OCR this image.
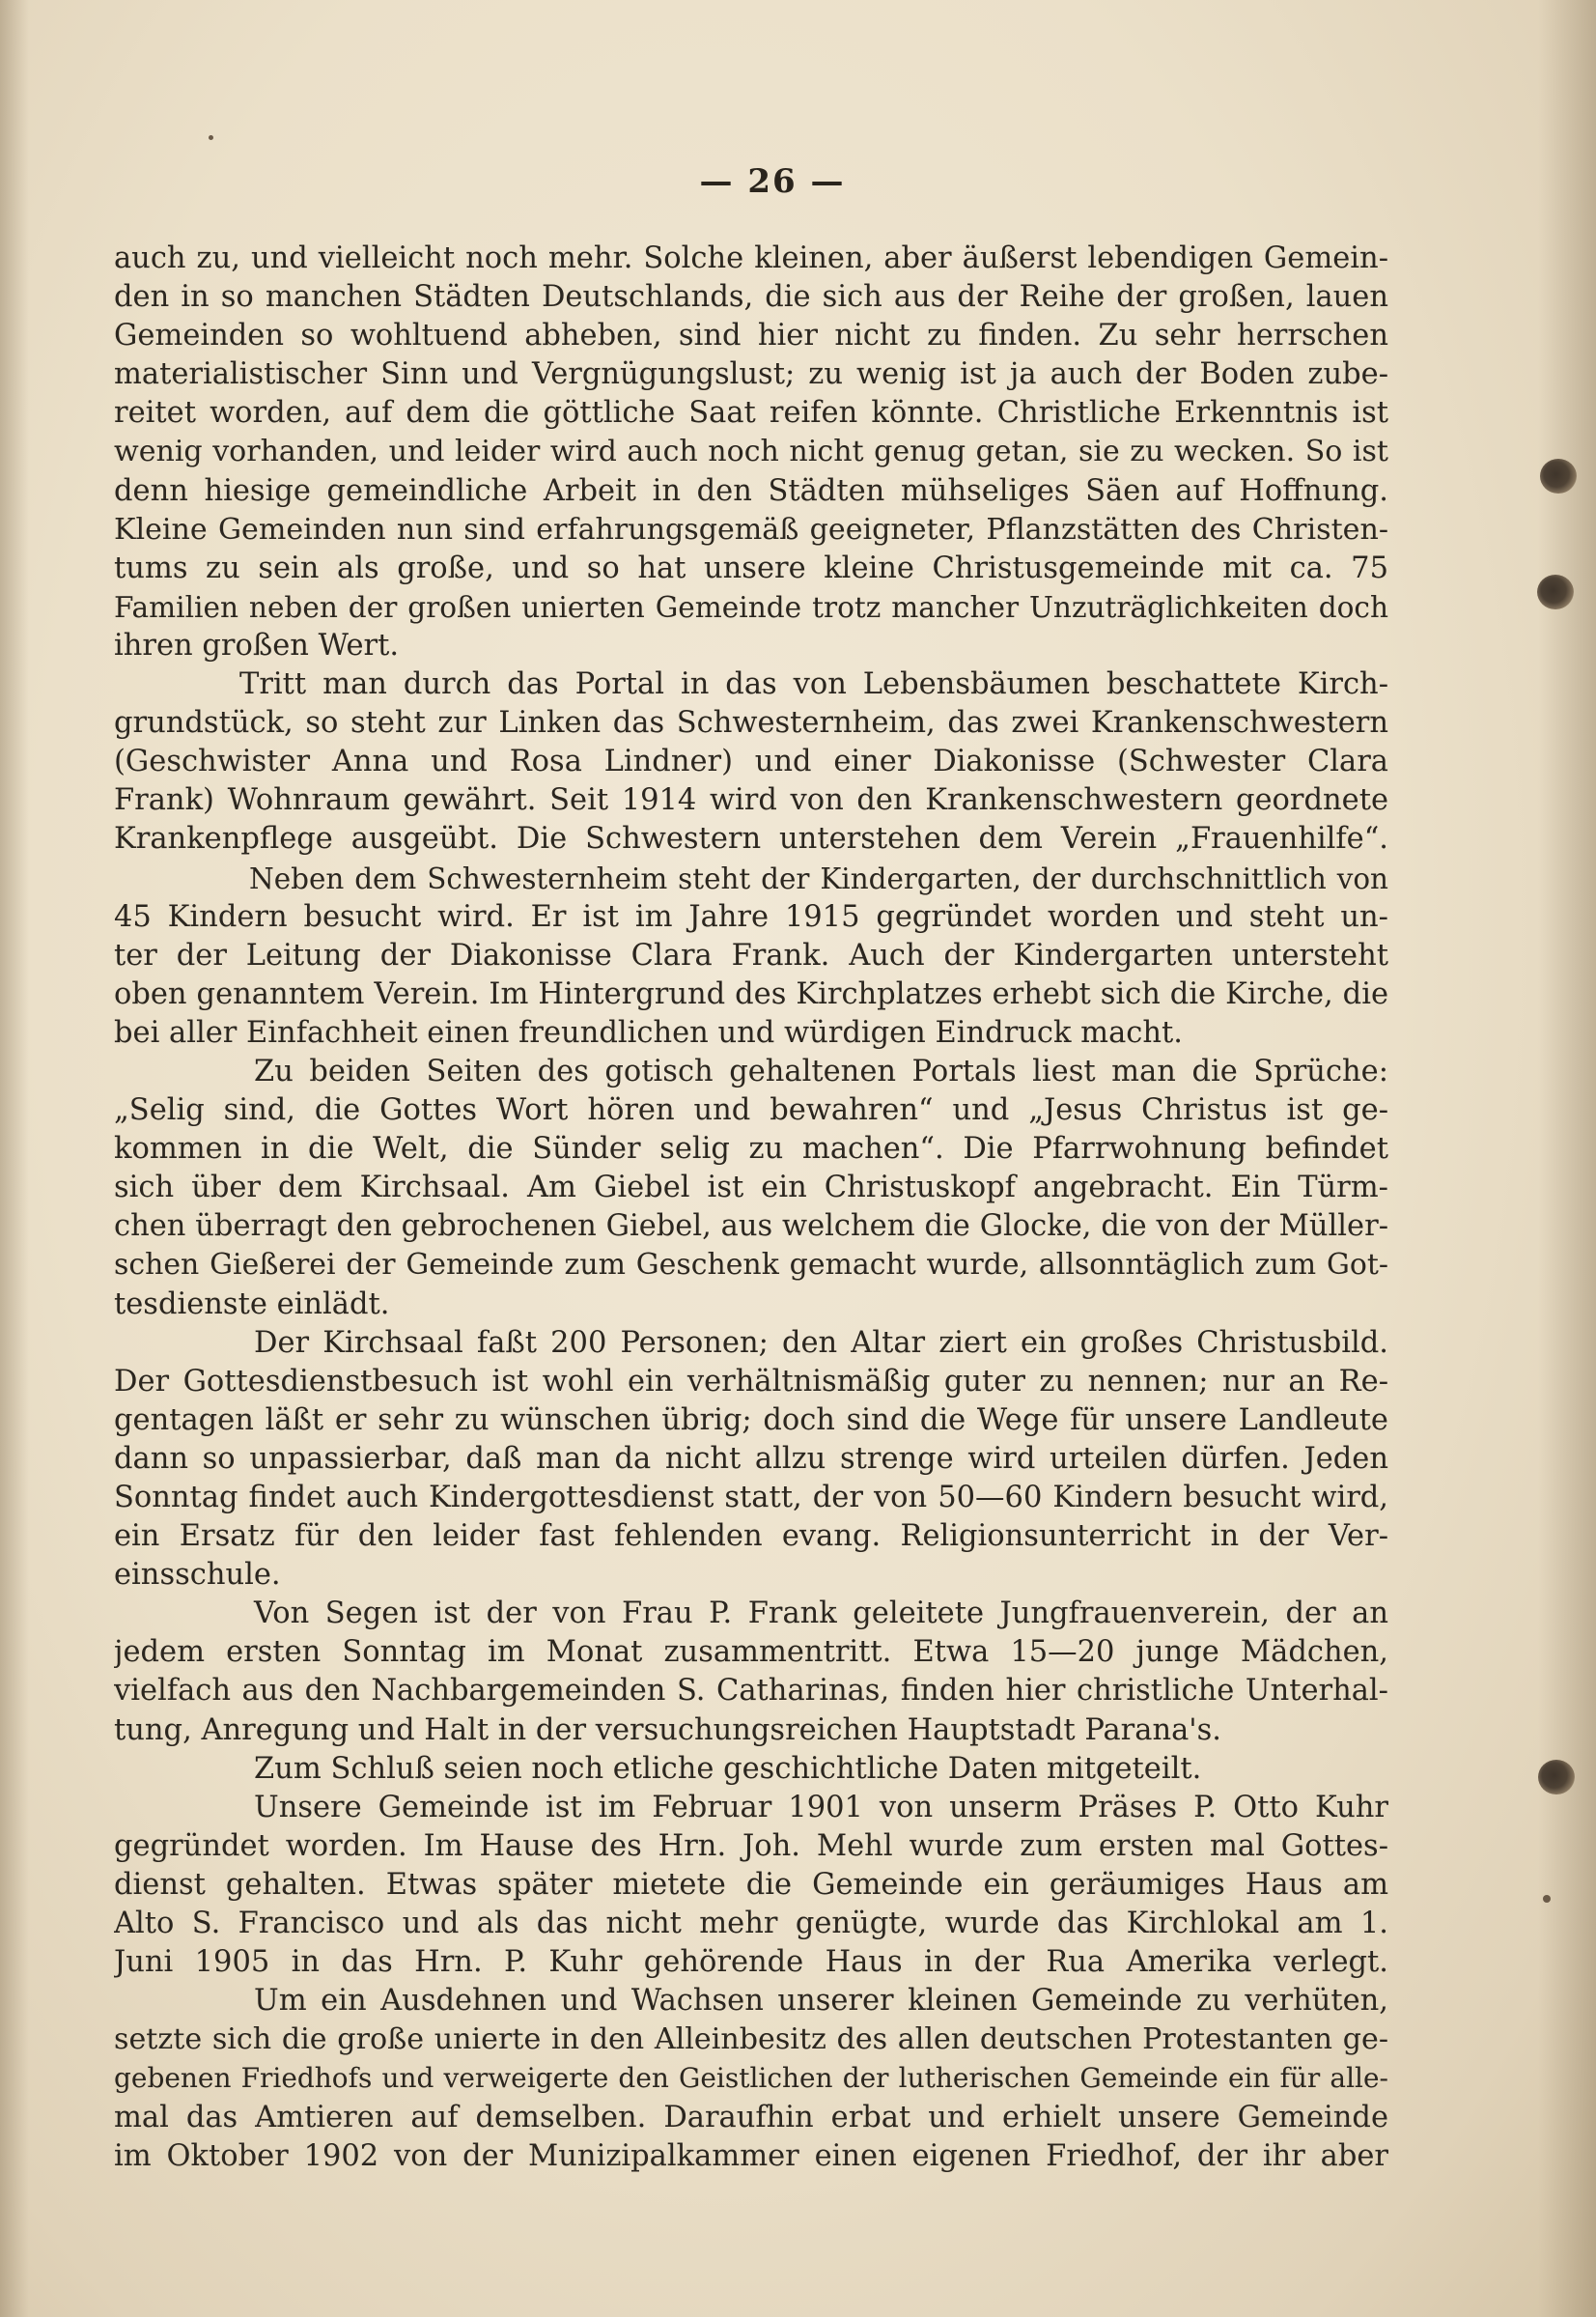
— 26 —
auch zu, und vielleicht noch mehr. Solche kleinen, aber äußerst lebendigen Gemein-
den in so manchen Städten Deutschlands, die sich aus der Reihe der großen, lauen
Gemeinden so wohltuend abheben, sind hier nicht zu finden. Zu sehr herrschen
materialistischer Sinn und Vergnügungslust; zu wenig ist ja auch der Boden zube-
reitet worden, auf dem die göttliche Saat reifen könnte. Christliche Erkenntnis ist
wenig vorhanden, und leider wird auch noch nicht genug getan, sie zu wecken. So ist
denn hiesige gemeindliche Arbeit in den Städten mühseliges Säen auf Hoffnung.
Kleine Gemeinden nun sind erfahrungsgemäß geeigneter, Pflanzstätten des Christen-
tums zu sein als große, und so hat unsere kleine Christusgemeinde mit ca. 75
Familien neben der großen unierten Gemeinde trotz mancher Unzuträglichkeiten doch
ihren großen Wert.
Tritt man durch das Portal in das von Lebensbäumen beschattete Kirch-
grundstück, so steht zur Linken das Schwesternheim, das zwei Krankenschwestern
(Geschwister Anna und Rosa Lindner) und einer Diakonisse (Schwester Clara
Frank) Wohnraum gewährt. Seit 1914 wird von den Krankenschwestern geordnete
Krankenpflege ausgeübt. Die Schwestern unterstehen dem Verein „Frauenhilfe“.
Neben dem Schwesternheim steht der Kindergarten, der durchschnittlich von
45 Kindern besucht wird. Er ist im Jahre 1915 gegründet worden und steht un-
ter der Leitung der Diakonisse Clara Frank. Auch der Kindergarten untersteht
oben genanntem Verein. Im Hintergrund des Kirchplatzes erhebt sich die Kirche, die
bei aller Einfachheit einen freundlichen und würdigen Eindruck macht.
Zu beiden Seiten des gotisch gehaltenen Portals liest man die Sprüche:
„Selig sind, die Gottes Wort hören und bewahren“ und „Jesus Christus ist ge-
kommen in die Welt, die Sünder selig zu machen“. Die Pfarrwohnung befindet
sich über dem Kirchsaal. Am Giebel ist ein Christuskopf angebracht. Ein Türm-
chen überragt den gebrochenen Giebel, aus welchem die Glocke, die von der Müller-
schen Gießerei der Gemeinde zum Geschenk gemacht wurde, allsonntäglich zum Got-
tesdienste einlädt.
Der Kirchsaal faßt 200 Personen; den Altar ziert ein großes Christusbild.
Der Gottesdienstbesuch ist wohl ein verhältnismäßig guter zu nennen; nur an Re-
gentagen läßt er sehr zu wünschen übrig; doch sind die Wege für unsere Landleute
dann so unpassierbar, daß man da nicht allzu strenge wird urteilen dürfen. Jeden
Sonntag findet auch Kindergottesdienst statt, der von 50—60 Kindern besucht wird,
ein Ersatz für den leider fast fehlenden evang. Religionsunterricht in der Ver-
einsschule.
Von Segen ist der von Frau P. Frank geleitete Jungfrauenverein, der an
jedem ersten Sonntag im Monat zusammentritt. Etwa 15—20 junge Mädchen,
vielfach aus den Nachbargemeinden S. Catharinas, finden hier christliche Unterhal-
tung, Anregung und Halt in der versuchungsreichen Hauptstadt Parana's.
Zum Schluß seien noch etliche geschichtliche Daten mitgeteilt.
Unsere Gemeinde ist im Februar 1901 von unserm Präses P. Otto Kuhr
gegründet worden. Im Hause des Hrn. Joh. Mehl wurde zum ersten mal Gottes-
dienst gehalten. Etwas später mietete die Gemeinde ein geräumiges Haus am
Alto S. Francisco und als das nicht mehr genügte, wurde das Kirchlokal am 1.
Juni 1905 in das Hrn. P. Kuhr gehörende Haus in der Rua Amerika verlegt.
Um ein Ausdehnen und Wachsen unserer kleinen Gemeinde zu verhüten,
setzte sich die große unierte in den Alleinbesitz des allen deutschen Protestanten ge-
gebenen Friedhofs und verweigerte den Geistlichen der lutherischen Gemeinde ein für alle-
mal das Amtieren auf demselben. Daraufhin erbat und erhielt unsere Gemeinde
im Oktober 1902 von der Munizipalkammer einen eigenen Friedhof, der ihr aber
